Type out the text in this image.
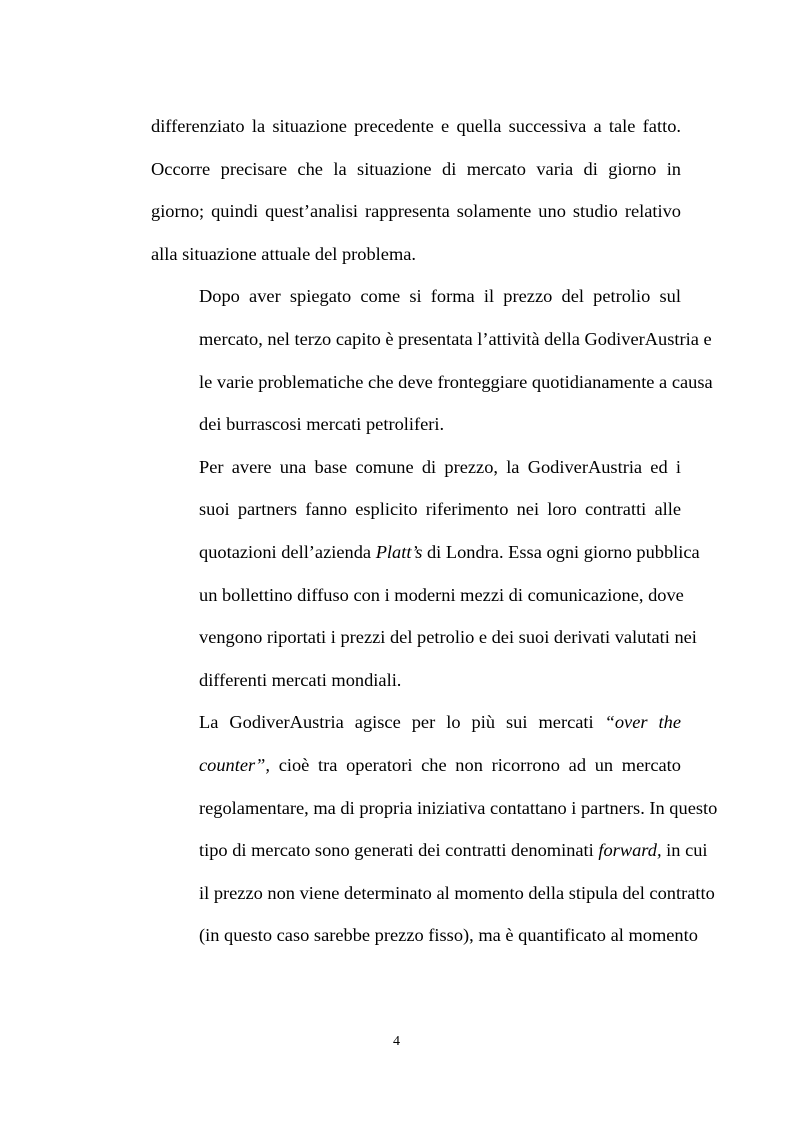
differenziato la situazione precedente e quella successiva a tale fatto.
Occorre precisare che la situazione di mercato varia di giorno in
giorno; quindi quest’analisi rappresenta solamente uno studio relativo
alla situazione attuale del problema.

Dopo aver spiegato come si forma il prezzo del petrolio sul
mercato, nel terzo capito è presentata l’attività della GodiverAustria e
le varie problematiche che deve fronteggiare quotidianamente a causa
dei burrascosi mercati petroliferi.

Per avere una base comune di prezzo, la GodiverAustria ed i
suoi partners fanno esplicito riferimento nei loro contratti alle
quotazioni dell’azienda Platt’s di Londra. Essa ogni giorno pubblica
un bollettino diffuso con i moderni mezzi di comunicazione, dove
vengono riportati i prezzi del petrolio e dei suoi derivati valutati nei
differenti mercati mondiali.

La GodiverAustria agisce per lo più sui mercati “over the
counter”, cioè tra operatori che non ricorrono ad un mercato
regolamentare, ma di propria iniziativa contattano i partners. In questo
tipo di mercato sono generati dei contratti denominati forward, in cui
il prezzo non viene determinato al momento della stipula del contratto
(in questo caso sarebbe prezzo fisso), ma è quantificato al momento

4
